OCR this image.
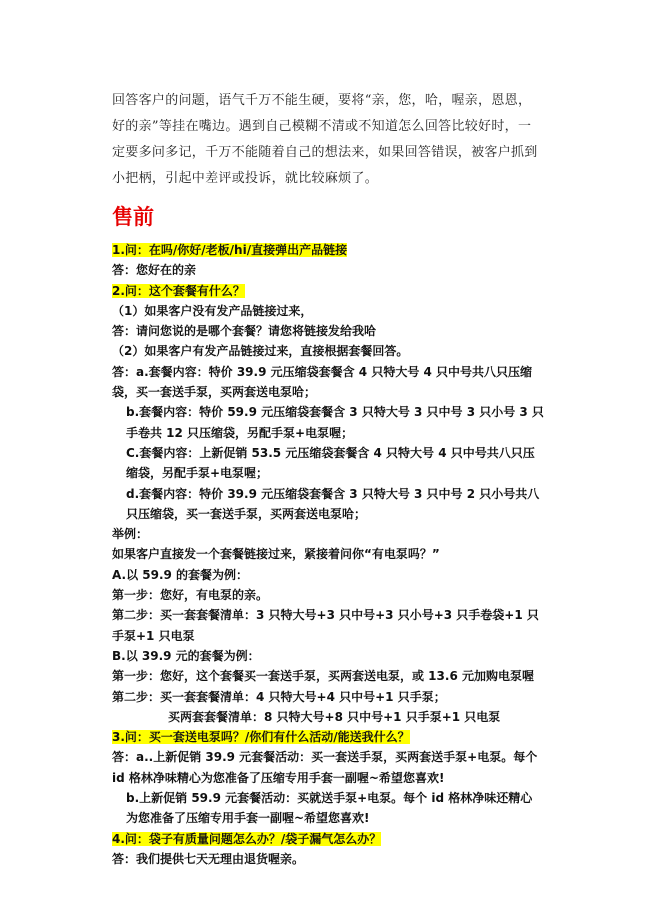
回答客户的问题，语气千万不能生硬，要将“亲，您，哈，喔亲，恩恩，好的亲”等挂在嘴边。遇到自己模糊不清或不知道怎么回答比较好时，一定要多问多记，千万不能随着自己的想法来，如果回答错误，被客户抓到小把柄，引起中差评或投诉，就比较麻烦了。

售前

1.问：在吗/你好/老板/hi/直接弹出产品链接

答：您好在的亲

2.问：这个套餐有什么？

（1）如果客户没有发产品链接过来，

答：请问您说的是哪个套餐？请您将链接发给我哈

（2）如果客户有发产品链接过来，直接根据套餐回答。

答：a.套餐内容：特价 39.9 元压缩袋套餐含 4 只特大号 4 只中号共八只压缩袋，买一套送手泵，买两套送电泵哈；

b.套餐内容：特价 59.9 元压缩袋套餐含 3 只特大号 3 只中号 3 只小号 3 只手卷共 12 只压缩袋，另配手泵+电泵喔；

C.套餐内容：上新促销 53.5 元压缩袋套餐含 4 只特大号 4 只中号共八只压缩袋，另配手泵+电泵喔；

d.套餐内容：特价 39.9 元压缩袋套餐含 3 只特大号 3 只中号 2 只小号共八只压缩袋，买一套送手泵，买两套送电泵哈；

举例：

如果客户直接发一个套餐链接过来，紧接着问你“有电泵吗？”

A.以 59.9 的套餐为例：

第一步：您好，有电泵的亲。

第二步：买一套套餐清单：3 只特大号+3 只中号+3 只小号+3 只手卷袋+1 只手泵+1 只电泵

B.以 39.9 元的套餐为例：

第一步：您好，这个套餐买一套送手泵，买两套送电泵，或 13.6 元加购电泵喔

第二步：买一套套餐清单：4 只特大号+4 只中号+1 只手泵；

买两套套餐清单：8 只特大号+8 只中号+1 只手泵+1 只电泵

3.问：买一套送电泵吗？/你们有什么活动/能送我什么？

答：a..上新促销 39.9 元套餐活动：买一套送手泵，买两套送手泵+电泵。每个 id 格林净味精心为您准备了压缩专用手套一副喔~希望您喜欢!

b.上新促销 59.9 元套餐活动：买就送手泵+电泵。每个 id 格林净味还精心为您准备了压缩专用手套一副喔~希望您喜欢!

4.问：袋子有质量问题怎么办？/袋子漏气怎么办？

答：我们提供七天无理由退货喔亲。
